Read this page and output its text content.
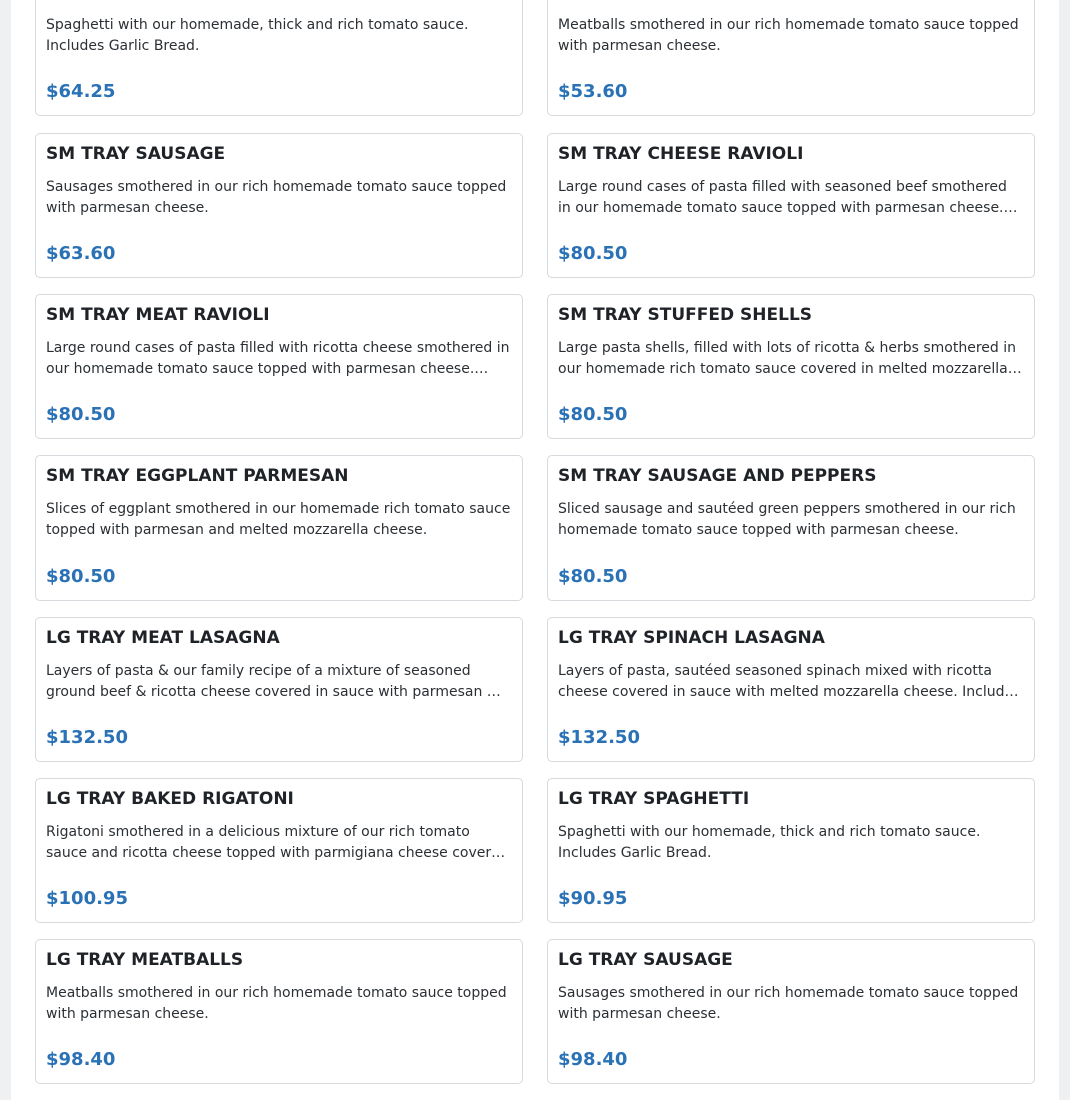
Spaghetti with our homemade, thick and rich tomato sauce. Includes Garlic Bread.
$64.25
Meatballs smothered in our rich homemade tomato sauce topped with parmesan cheese.
$53.60
SM TRAY SAUSAGE
Sausages smothered in our rich homemade tomato sauce topped with parmesan cheese.
$63.60
SM TRAY CHEESE RAVIOLI
Large round cases of pasta filled with seasoned beef smothered in our homemade tomato sauce topped with parmesan cheese.…
$80.50
SM TRAY MEAT RAVIOLI
Large round cases of pasta filled with ricotta cheese smothered in our homemade tomato sauce topped with parmesan cheese.…
$80.50
SM TRAY STUFFED SHELLS
Large pasta shells, filled with lots of ricotta & herbs smothered in our homemade rich tomato sauce covered in melted mozzarella…
$80.50
SM TRAY EGGPLANT PARMESAN
Slices of eggplant smothered in our homemade rich tomato sauce topped with parmesan and melted mozzarella cheese.
$80.50
SM TRAY SAUSAGE AND PEPPERS
Sliced sausage and sautéed green peppers smothered in our rich homemade tomato sauce topped with parmesan cheese.
$80.50
LG TRAY MEAT LASAGNA
Layers of pasta & our family recipe of a mixture of seasoned ground beef & ricotta cheese covered in sauce with parmesan …
$132.50
LG TRAY SPINACH LASAGNA
Layers of pasta, sautéed seasoned spinach mixed with ricotta cheese covered in sauce with melted mozzarella cheese. Includ…
$132.50
LG TRAY BAKED RIGATONI
Rigatoni smothered in a delicious mixture of our rich tomato sauce and ricotta cheese topped with parmigiana cheese cover…
$100.95
LG TRAY SPAGHETTI
Spaghetti with our homemade, thick and rich tomato sauce. Includes Garlic Bread.
$90.95
LG TRAY MEATBALLS
Meatballs smothered in our rich homemade tomato sauce topped with parmesan cheese.
$98.40
LG TRAY SAUSAGE
Sausages smothered in our rich homemade tomato sauce topped with parmesan cheese.
$98.40
